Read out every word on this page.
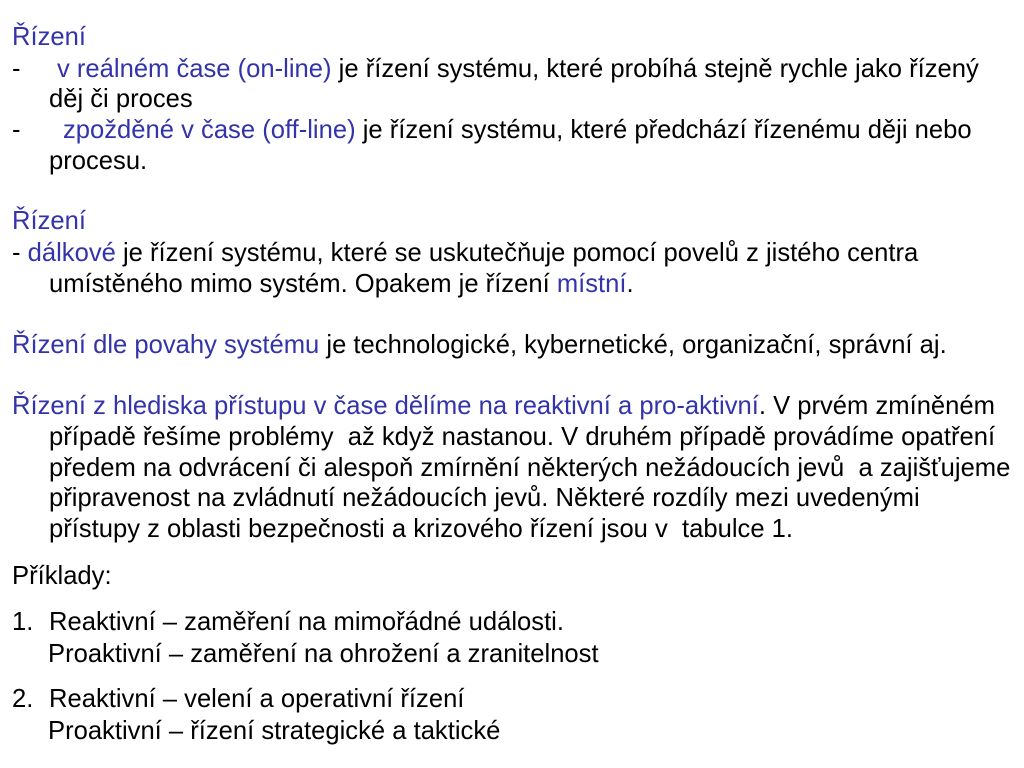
Řízení
- v reálném čase (on-line) je řízení systému, které probíhá stejně rychle jako řízený
děj či proces
- zpožděné v čase (off-line) je řízení systému, které předchází řízenému ději nebo
procesu.
Řízení
- dálkové je řízení systému, které se uskutečňuje pomocí povelů z jistého centra
umístěného mimo systém. Opakem je řízení místní.
Řízení dle povahy systému je technologické, kybernetické, organizační, správní aj.
Řízení z hlediska přístupu v čase dělíme na reaktivní a pro-aktivní. V prvém zmíněném
případě řešíme problémy  až když nastanou. V druhém případě provádíme opatření
předem na odvrácení či alespoň zmírnění některých nežádoucích jevů  a zajišťujeme
připravenost na zvládnutí nežádoucích jevů. Některé rozdíly mezi uvedenými
přístupy z oblasti bezpečnosti a krizového řízení jsou v  tabulce 1.
Příklady:
1. Reaktivní – zaměření na mimořádné události.
Proaktivní – zaměření na ohrožení a zranitelnost
2. Reaktivní – velení a operativní řízení
Proaktivní – řízení strategické a taktické
